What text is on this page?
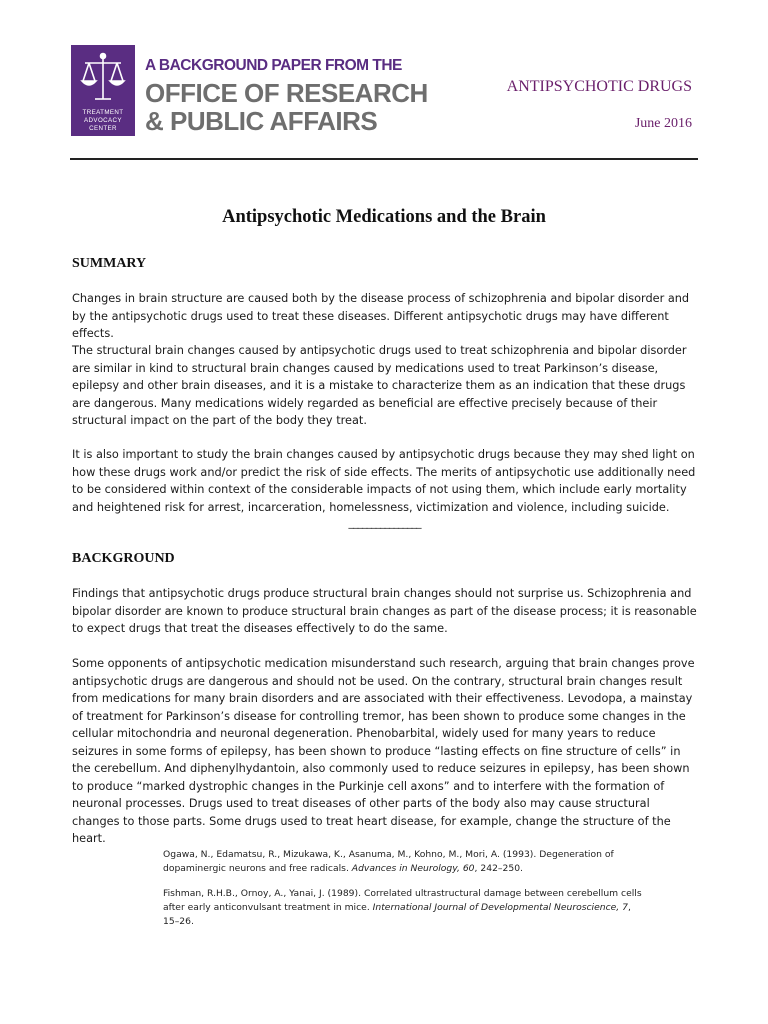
TREATMENT
ADVOCACY
CENTER
A BACKGROUND PAPER FROM THE
OFFICE OF RESEARCH
& PUBLIC AFFAIRS
ANTIPSYCHOTIC DRUGS
June 2016
Antipsychotic Medications and the Brain
SUMMARY

Changes in brain structure are caused both by the disease process of schizophrenia and bipolar disorder and by the antipsychotic drugs used to treat these diseases. Different antipsychotic drugs may have different effects.

The structural brain changes caused by antipsychotic drugs used to treat schizophrenia and bipolar disorder are similar in kind to structural brain changes caused by medications used to treat Parkinson’s disease, epilepsy and other brain diseases, and it is a mistake to characterize them as an indication that these drugs are dangerous. Many medications widely regarded as beneficial are effective precisely because of their structural impact on the part of the body they treat.

It is also important to study the brain changes caused by antipsychotic drugs because they may shed light on how these drugs work and/or predict the risk of side effects. The merits of antipsychotic use additionally need to be considered within context of the considerable impacts of not using them, which include early mortality and heightened risk for arrest, incarceration, homelessness, victimization and violence, including suicide.

________________
BACKGROUND

Findings that antipsychotic drugs produce structural brain changes should not surprise us. Schizophrenia and bipolar disorder are known to produce structural brain changes as part of the disease process; it is reasonable to expect drugs that treat the diseases effectively to do the same.

Some opponents of antipsychotic medication misunderstand such research, arguing that brain changes prove antipsychotic drugs are dangerous and should not be used. On the contrary, structural brain changes result from medications for many brain disorders and are associated with their effectiveness. Levodopa, a mainstay of treatment for Parkinson’s disease for controlling tremor, has been shown to produce some changes in the cellular mitochondria and neuronal degeneration. Phenobarbital, widely used for many years to reduce seizures in some forms of epilepsy, has been shown to produce “lasting effects on fine structure of cells” in the cerebellum. And diphenylhydantoin, also commonly used to reduce seizures in epilepsy, has been shown to produce “marked dystrophic changes in the Purkinje cell axons” and to interfere with the formation of neuronal processes. Drugs used to treat diseases of other parts of the body also may cause structural changes to those parts. Some drugs used to treat heart disease, for example, change the structure of the heart.

Ogawa, N., Edamatsu, R., Mizukawa, K., Asanuma, M., Kohno, M., Mori, A. (1993). Degeneration of dopaminergic neurons and free radicals. Advances in Neurology, 60, 242–250.

Fishman, R.H.B., Ornoy, A., Yanai, J. (1989). Correlated ultrastructural damage between cerebellum cells after early anticonvulsant treatment in mice. International Journal of Developmental Neuroscience, 7, 15–26.
